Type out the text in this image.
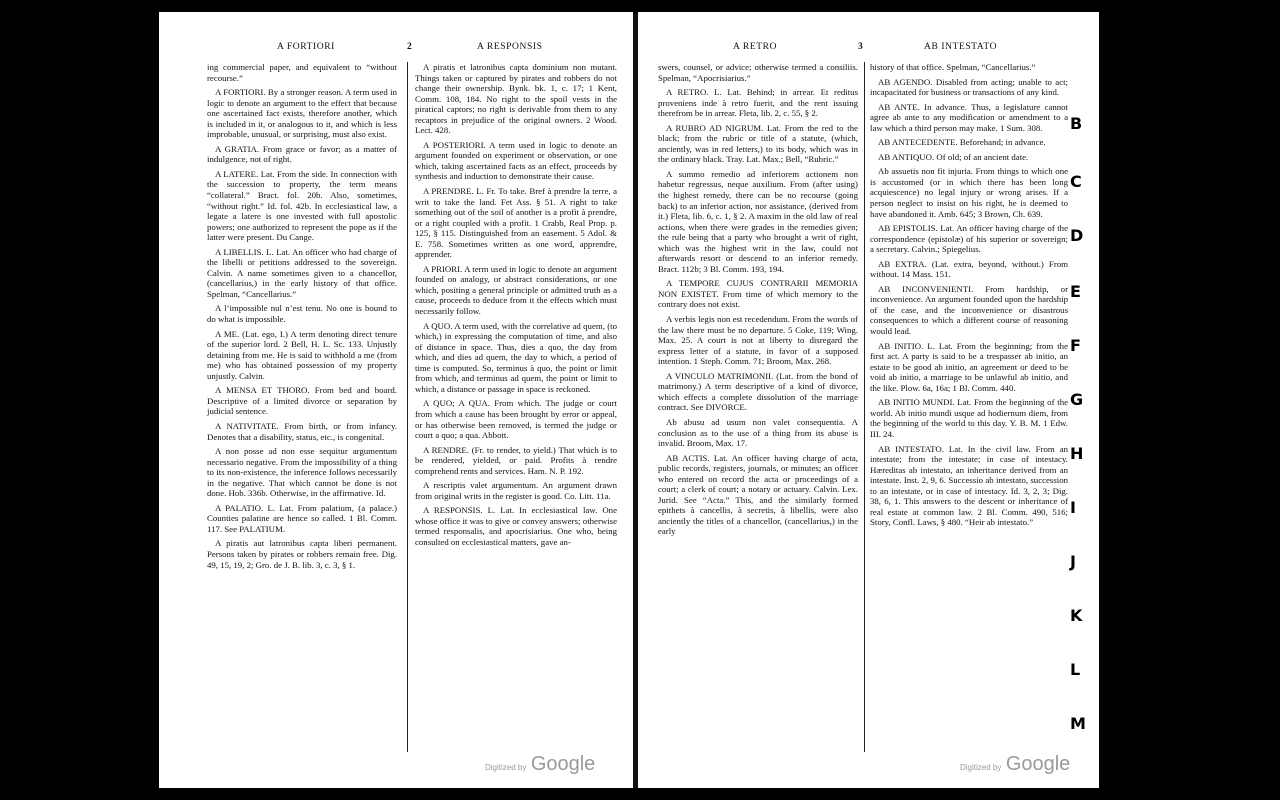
A FORTIORI	2	A RESPONSIS

ing commercial paper, and equivalent to “without recourse.”

A FORTIORI. By a stronger reason. A term used in logic to denote an argument to the effect that because one ascertained fact exists, therefore another, which is included in it, or analogous to it, and which is less improbable, unusual, or surprising, must also exist.

A GRATIA. From grace or favor; as a matter of indulgence, not of right.

A LATERE. Lat. From the side. In connection with the succession to property, the term means “collateral.” Bract. fol. 20b. Also, sometimes, “without right.” Id. fol. 42b. In ecclesiastical law, a legate a latere is one invested with full apostolic powers; one authorized to represent the pope as if the latter were present. Du Cange.

A LIBELLIS. L. Lat. An officer who had charge of the libelli or petitions addressed to the sovereign. Calvin. A name sometimes given to a chancellor, (cancellarius,) in the early history of that office. Spelman, “Cancellarius.”

A l’impossible nul n’est tenu. No one is bound to do what is impossible.

A ME. (Lat. ego, I.) A term denoting direct tenure of the superior lord. 2 Bell, H. L. Sc. 133. Unjustly detaining from me. He is said to withhold a me (from me) who has obtained possession of my property unjustly. Calvin.

A MENSA ET THORO. From bed and board. Descriptive of a limited divorce or separation by judicial sentence.

A NATIVITATE. From birth, or from infancy. Denotes that a disability, status, etc., is congenital.

A non posse ad non esse sequitur argumentum necessario negative. From the impossibility of a thing to its non-existence, the inference follows necessarily in the negative. That which cannot be done is not done. Hob. 336b. Otherwise, in the affirmative. Id.

A PALATIO. L. Lat. From palatium, (a palace.) Counties palatine are hence so called. 1 Bl. Comm. 117. See PALATIUM.

A piratis aut latronibus capta liberi permanent. Persons taken by pirates or robbers remain free. Dig. 49, 15, 19, 2; Gro. de J. B. lib. 3, c. 3, § 1.

A piratis et latronibus capta dominium non mutant. Things taken or captured by pirates and robbers do not change their ownership. Bynk. bk. 1, c. 17; 1 Kent, Comm. 108, 184. No right to the spoil vests in the piratical captors; no right is derivable from them to any recaptors in prejudice of the original owners. 2 Wood. Lect. 428.

A POSTERIORI. A term used in logic to denote an argument founded on experiment or observation, or one which, taking ascertained facts as an effect, proceeds by synthesis and induction to demonstrate their cause.

A PRENDRE. L. Fr. To take. Bref à prendre la terre, a writ to take the land. Fet Ass. § 51. A right to take something out of the soil of another is a profit à prendre, or a right coupled with a profit. 1 Crabb, Real Prop. p. 125, § 115. Distinguished from an easement. 5 Adol. & E. 758. Sometimes written as one word, apprendre, apprender.

A PRIORI. A term used in logic to denote an argument founded on analogy, or abstract considerations, or one which, positing a general principle or admitted truth as a cause, proceeds to deduce from it the effects which must necessarily follow.

A QUO. A term used, with the correlative ad quem, (to which,) in expressing the computation of time, and also of distance in space. Thus, dies a quo, the day from which, and dies ad quem, the day to which, a period of time is computed. So, terminus à quo, the point or limit from which, and terminus ad quem, the point or limit to which, a distance or passage in space is reckoned.

A QUO; A QUA. From which. The judge or court from which a cause has been brought by error or appeal, or has otherwise been removed, is termed the judge or court a quo; a qua. Abbott.

A RENDRE. (Fr. to render, to yield.) That which is to be rendered, yielded, or paid. Profits à rendre comprehend rents and services. Ham. N. P. 192.

A rescriptis valet argumentum. An argument drawn from original writs in the register is good. Co. Litt. 11a.

A RESPONSIS. L. Lat. In ecclesiastical law. One whose office it was to give or convey answers; otherwise termed responsalis, and apocrisiarius. One who, being consulted on ecclesiastical matters, gave an-

Digitized by Google
A RETRO	3	AB INTESTATO

swers, counsel, or advice; otherwise termed a consiliis. Spelman, “Apocrisiarius.”

A RETRO. L. Lat. Behind; in arrear. Et reditus proveniens inde à retro fuerit, and the rent issuing therefrom be in arrear. Fleta, lib. 2, c. 55, § 2.

A RUBRO AD NIGRUM. Lat. From the red to the black; from the rubric or title of a statute, (which, anciently, was in red letters,) to its body, which was in the ordinary black. Tray. Lat. Max.; Bell, “Rubric.”

A summo remedio ad inferiorem actionem non habetur regressus, neque auxilium. From (after using) the highest remedy, there can be no recourse (going back) to an inferior action, nor assistance, (derived from it.) Fleta, lib. 6, c. 1, § 2. A maxim in the old law of real actions, when there were grades in the remedies given; the rule being that a party who brought a writ of right, which was the highest writ in the law, could not afterwards resort or descend to an inferior remedy. Bract. 112b; 3 Bl. Comm. 193, 194.

A TEMPORE CUJUS CONTRARII MEMORIA NON EXISTET. From time of which memory to the contrary does not exist.

A verbis legis non est recedendum. From the words of the law there must be no departure. 5 Coke, 119; Wing. Max. 25. A court is not at liberty to disregard the express letter of a statute, in favor of a supposed intention. 1 Steph. Comm. 71; Broom, Max. 268.

A VINCULO MATRIMONII. (Lat. from the bond of matrimony.) A term descriptive of a kind of divorce, which effects a complete dissolution of the marriage contract. See DIVORCE.

Ab abusu ad usum non valet consequentia. A conclusion as to the use of a thing from its abuse is invalid. Broom, Max. 17.

AB ACTIS. Lat. An officer having charge of acta, public records, registers, journals, or minutes; an officer who entered on record the acta or proceedings of a court; a clerk of court; a notary or actuary. Calvin. Lex. Jurid. See “Acta.” This, and the similarly formed epithets à cancellis, à secretis, à libellis, were also anciently the titles of a chancellor, (cancellarius,) in the early

history of that office. Spelman, “Cancellarius.”

AB AGENDO. Disabled from acting; unable to act; incapacitated for business or transactions of any kind.

AB ANTE. In advance. Thus, a legislature cannot agree ab ante to any modification or amendment to a law which a third person may make. 1 Sum. 308.

AB ANTECEDENTE. Beforehand; in advance.

AB ANTIQUO. Of old; of an ancient date.

Ab assuetis non fit injuria. From things to which one is accustomed (or in which there has been long acquiescence) no legal injury or wrong arises. If a person neglect to insist on his right, he is deemed to have abandoned it. Amb. 645; 3 Brown, Ch. 639.

AB EPISTOLIS. Lat. An officer having charge of the correspondence (epistolæ) of his superior or sovereign; a secretary. Calvin.; Spiegelius.

AB EXTRA. (Lat. extra, beyond, without.) From without. 14 Mass. 151.

AB INCONVENIENTI. From hardship, or inconvenience. An argument founded upon the hardship of the case, and the inconvenience or disastrous consequences to which a different course of reasoning would lead.

AB INITIO. L. Lat. From the beginning; from the first act. A party is said to be a trespasser ab initio, an estate to be good ab initio, an agreement or deed to be void ab initio, a marriage to be unlawful ab initio, and the like. Plow. 6a, 16a; 1 Bl. Comm. 440.

AB INITIO MUNDI. Lat. From the beginning of the world. Ab initio mundi usque ad hodiernum diem, from the beginning of the world to this day. Y. B. M. 1 Edw. III. 24.

AB INTESTATO. Lat. In the civil law. From an intestate; from the intestate; in case of intestacy. Hæreditas ab intestato, an inheritance derived from an intestate. Inst. 2, 9, 6. Successio ab intestato, succession to an intestate, or in case of intestacy. Id. 3, 2, 3; Dig. 38, 6, 1. This answers to the descent or inheritance of real estate at common law. 2 Bl. Comm. 490, 516; Story, Confl. Laws, § 480. “Heir ab intestato.”

Digitized by Google
B
C
D
E
F
G
H
I
J
K
L
M
